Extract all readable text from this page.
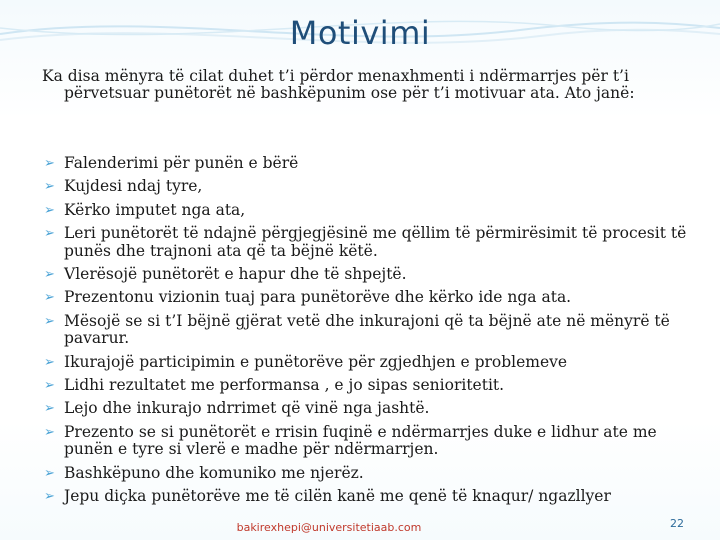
Motivimi
Ka disa mënyra të cilat duhet t’i përdor menaxhmenti i ndërmarrjes për t’i përvetsuar punëtorët në bashkëpunim ose për t’i motivuar ata. Ato janë:
➢ Falenderimi për punën e bërë
➢ Kujdesi ndaj tyre,
➢ Kërko imputet nga ata,
➢ Leri punëtorët të ndajnë përgjegjësinë me qëllim të përmirësimit të procesit të punës dhe trajnoni ata që ta bëjnë këtë.
➢ Vlerësojë punëtorët e hapur dhe të shpejtë.
➢ Prezentonu vizionin tuaj para punëtorëve dhe kërko ide nga ata.
➢ Mësojë se si t’I bëjnë gjërat vetë dhe inkurajoni që ta bëjnë ate në mënyrë të pavarur.
➢ Ikurajojë participimin e punëtorëve për zgjedhjen e problemeve
➢ Lidhi rezultatet me performansa , e jo sipas senioritetit.
➢ Lejo dhe inkurajo ndrrimet që vinë nga jashtë.
➢ Prezento se si punëtorët e rrisin fuqinë e ndërmarrjes duke e lidhur ate me punën e tyre si vlerë e madhe për ndërmarrjen.
➢ Bashkëpuno dhe komuniko me njerëz.
➢ Jepu diçka punëtorëve me të cilën kanë me qenë të knaqur/ ngazllyer
bakirexhepi@universitetiaab.com	22
